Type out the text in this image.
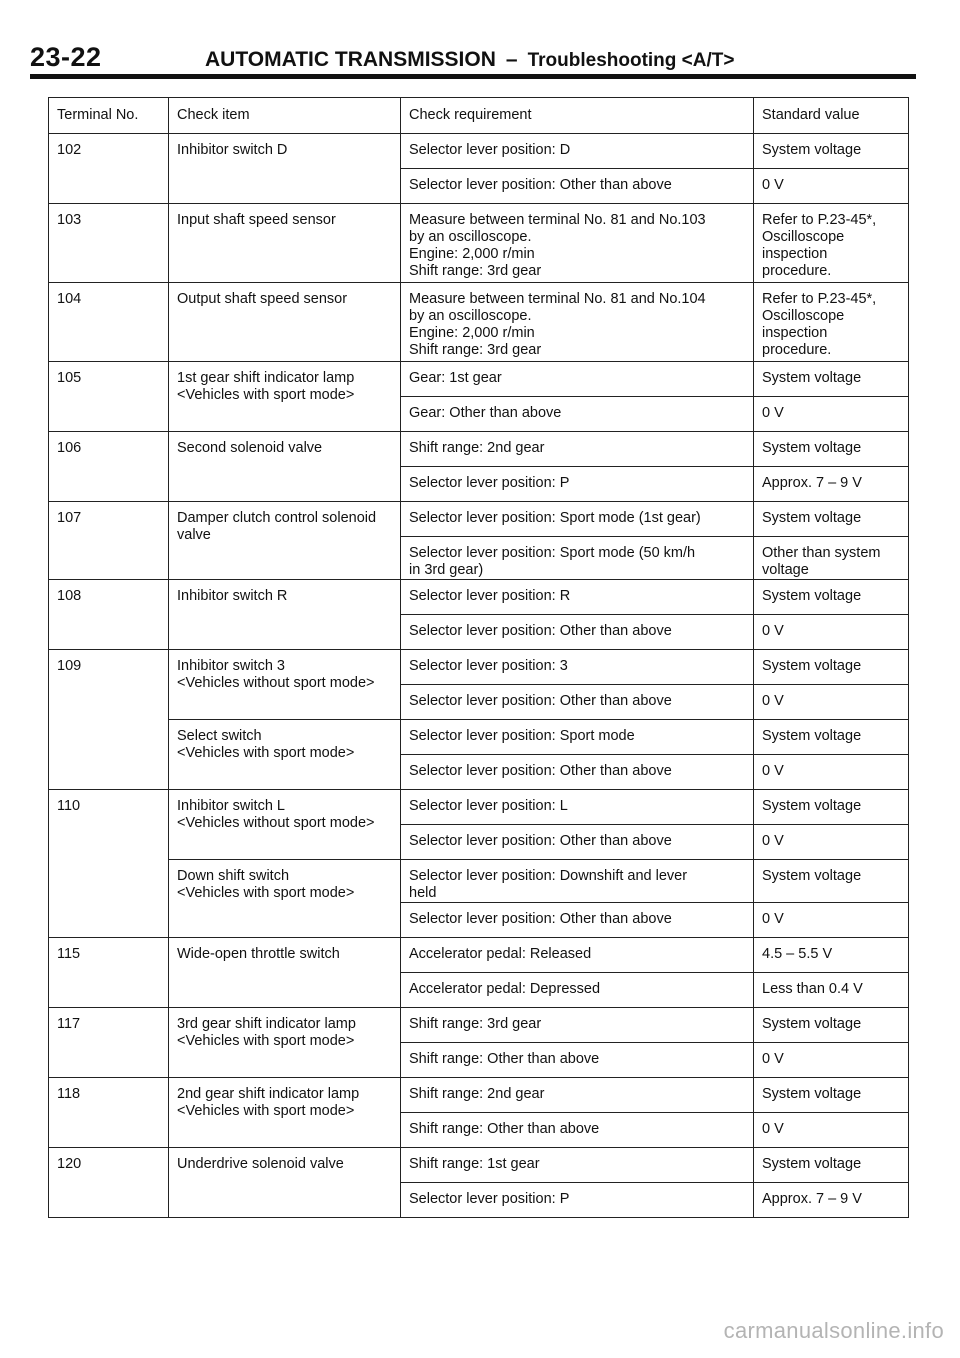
23-22	AUTOMATIC TRANSMISSION – Troubleshooting <A/T>
Terminal No.	Check item	Check requirement	Standard value
102	Inhibitor switch D	Selector lever position: D	System voltage
		Selector lever position: Other than above	0 V
103	Input shaft speed sensor	Measure between terminal No. 81 and No.103
by an oscilloscope.
Engine: 2,000 r/min
Shift range: 3rd gear	Refer to P.23-45*,
Oscilloscope
inspection
procedure.
104	Output shaft speed sensor	Measure between terminal No. 81 and No.104
by an oscilloscope.
Engine: 2,000 r/min
Shift range: 3rd gear	Refer to P.23-45*,
Oscilloscope
inspection
procedure.
105	1st gear shift indicator lamp
<Vehicles with sport mode>	Gear: 1st gear	System voltage
		Gear: Other than above	0 V
106	Second solenoid valve	Shift range: 2nd gear	System voltage
		Selector lever position: P	Approx. 7 – 9 V
107	Damper clutch control solenoid
valve	Selector lever position: Sport mode (1st gear)	System voltage
		Selector lever position: Sport mode (50 km/h
in 3rd gear)	Other than system
voltage
108	Inhibitor switch R	Selector lever position: R	System voltage
		Selector lever position: Other than above	0 V
109	Inhibitor switch 3
<Vehicles without sport mode>	Selector lever position: 3	System voltage
		Selector lever position: Other than above	0 V
	Select switch
<Vehicles with sport mode>	Selector lever position: Sport mode	System voltage
		Selector lever position: Other than above	0 V
110	Inhibitor switch L
<Vehicles without sport mode>	Selector lever position: L	System voltage
		Selector lever position: Other than above	0 V
	Down shift switch
<Vehicles with sport mode>	Selector lever position: Downshift and lever
held	System voltage
		Selector lever position: Other than above	0 V
115	Wide-open throttle switch	Accelerator pedal: Released	4.5 – 5.5 V
		Accelerator pedal: Depressed	Less than 0.4 V
117	3rd gear shift indicator lamp
<Vehicles with sport mode>	Shift range: 3rd gear	System voltage
		Shift range: Other than above	0 V
118	2nd gear shift indicator lamp
<Vehicles with sport mode>	Shift range: 2nd gear	System voltage
		Shift range: Other than above	0 V
120	Underdrive solenoid valve	Shift range: 1st gear	System voltage
		Selector lever position: P	Approx. 7 – 9 V
carmanualsonline.info
